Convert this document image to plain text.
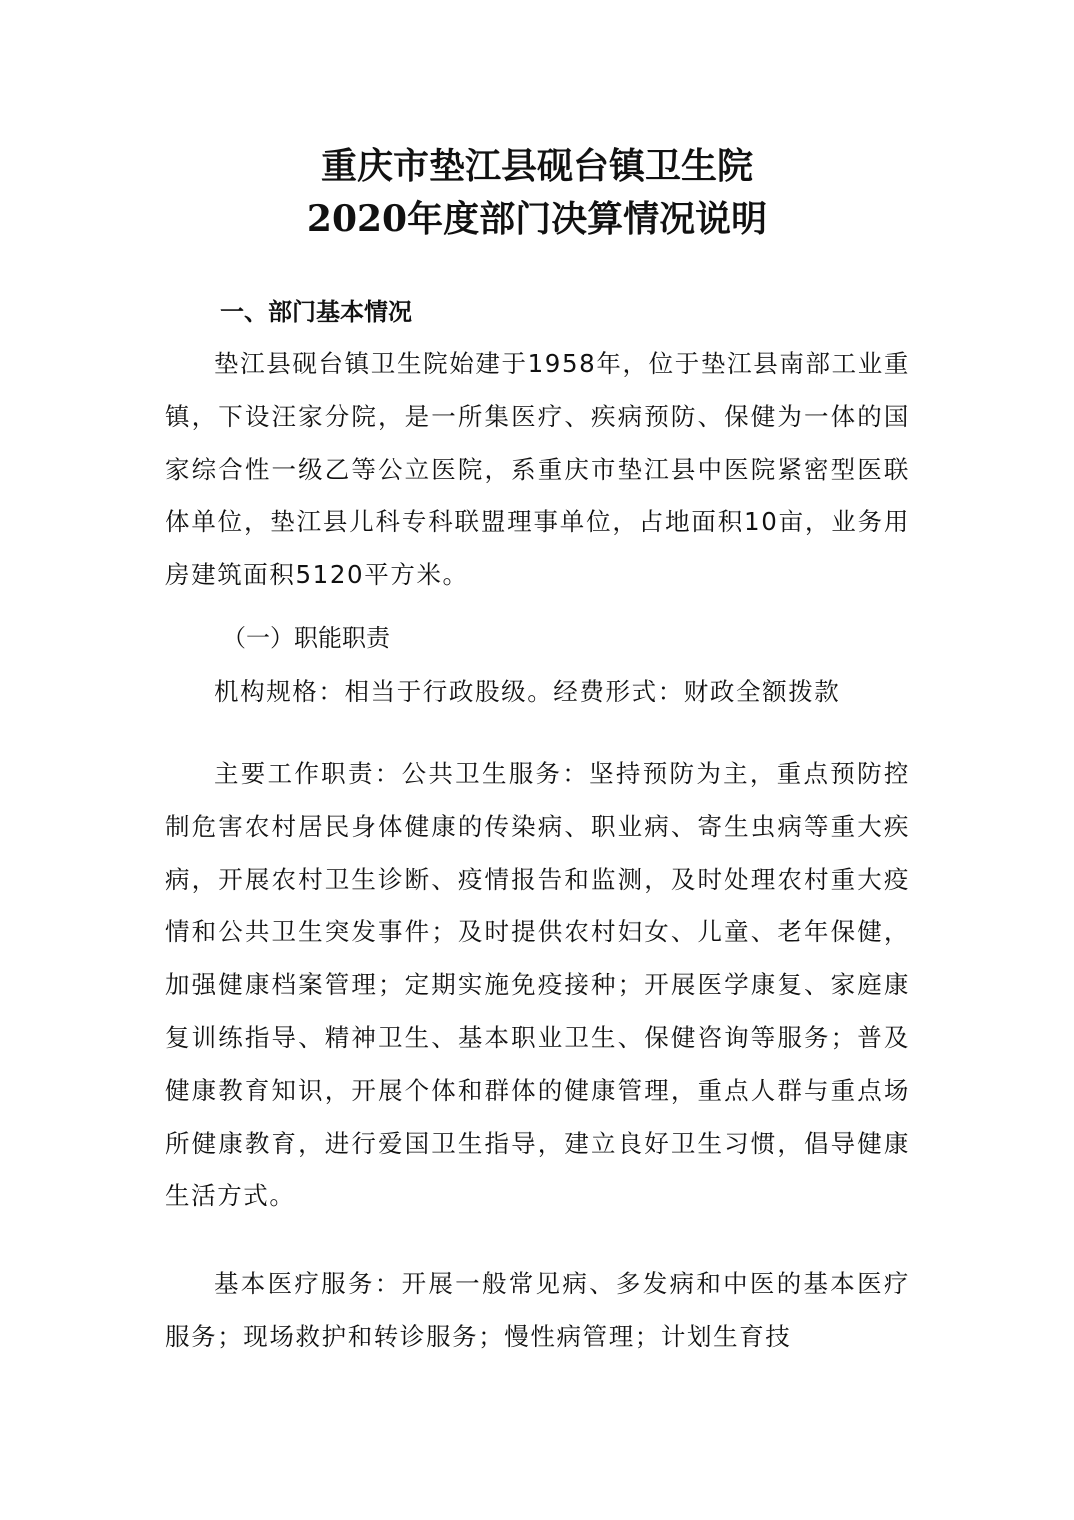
重庆市垫江县砚台镇卫生院
2020年度部门决算情况说明
一、部门基本情况
垫江县砚台镇卫生院始建于1958年，位于垫江县南部工业重镇，下设汪家分院，是一所集医疗、疾病预防、保健为一体的国家综合性一级乙等公立医院，系重庆市垫江县中医院紧密型医联体单位，垫江县儿科专科联盟理事单位，占地面积10亩，业务用房建筑面积5120平方米。
（一）职能职责
机构规格：相当于行政股级。经费形式：财政全额拨款
主要工作职责：公共卫生服务：坚持预防为主，重点预防控制危害农村居民身体健康的传染病、职业病、寄生虫病等重大疾病，开展农村卫生诊断、疫情报告和监测，及时处理农村重大疫情和公共卫生突发事件；及时提供农村妇女、儿童、老年保健，加强健康档案管理；定期实施免疫接种；开展医学康复、家庭康复训练指导、精神卫生、基本职业卫生、保健咨询等服务；普及健康教育知识，开展个体和群体的健康管理，重点人群与重点场所健康教育，进行爱国卫生指导，建立良好卫生习惯，倡导健康生活方式。
基本医疗服务：开展一般常见病、多发病和中医的基本医疗服务；现场救护和转诊服务；慢性病管理；计划生育技
